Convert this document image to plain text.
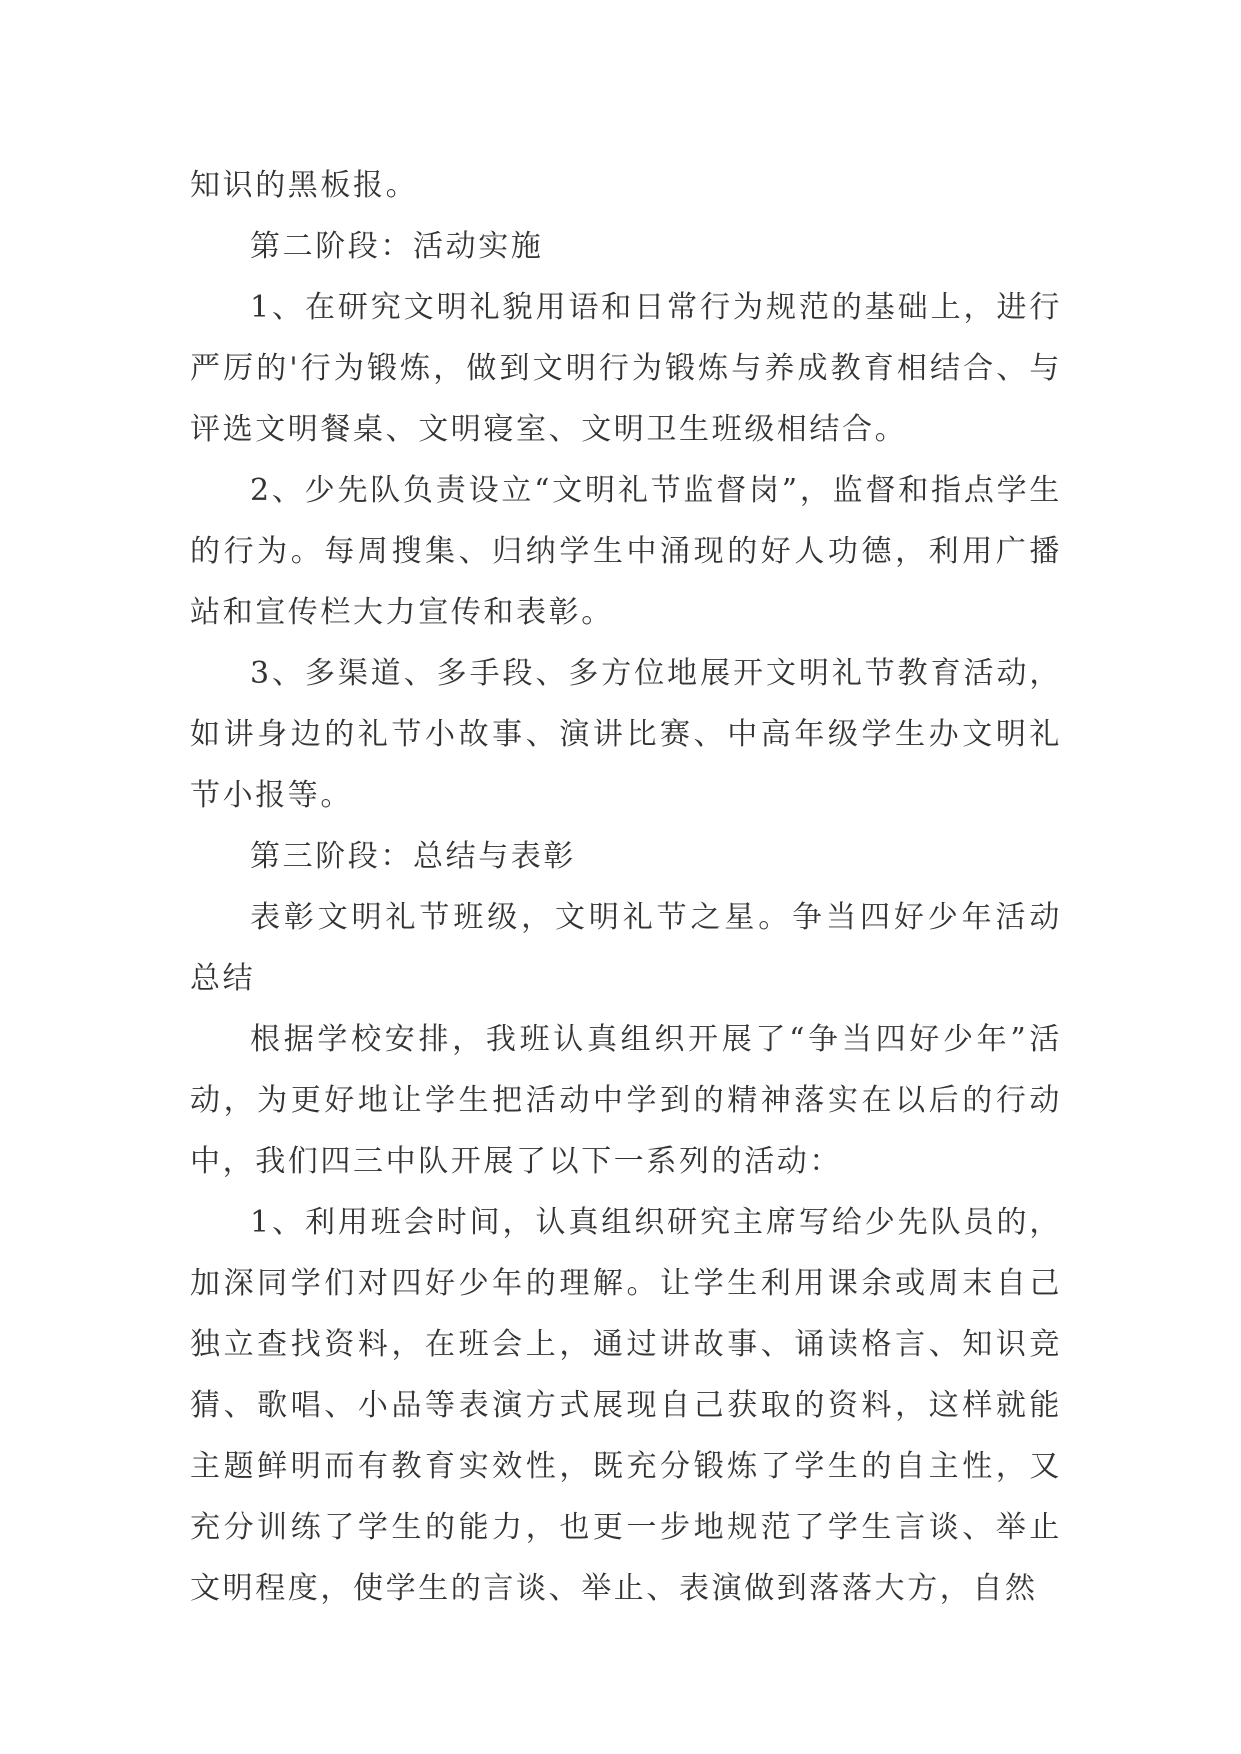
知识的黑板报。

第二阶段：活动实施

1、在研究文明礼貌用语和日常行为规范的基础上，进行严厉的'行为锻炼，做到文明行为锻炼与养成教育相结合、与评选文明餐桌、文明寝室、文明卫生班级相结合。

2、少先队负责设立“文明礼节监督岗”，监督和指点学生的行为。每周搜集、归纳学生中涌现的好人功德，利用广播站和宣传栏大力宣传和表彰。

3、多渠道、多手段、多方位地展开文明礼节教育活动，如讲身边的礼节小故事、演讲比赛、中高年级学生办文明礼节小报等。

第三阶段：总结与表彰

表彰文明礼节班级，文明礼节之星。争当四好少年活动总结

根据学校安排，我班认真组织开展了“争当四好少年”活动，为更好地让学生把活动中学到的精神落实在以后的行动中，我们四三中队开展了以下一系列的活动：

1、利用班会时间，认真组织研究主席写给少先队员的，加深同学们对四好少年的理解。让学生利用课余或周末自己独立查找资料，在班会上，通过讲故事、诵读格言、知识竞猜、歌唱、小品等表演方式展现自己获取的资料，这样就能主题鲜明而有教育实效性，既充分锻炼了学生的自主性，又充分训练了学生的能力，也更一步地规范了学生言谈、举止文明程度，使学生的言谈、举止、表演做到落落大方，自然
